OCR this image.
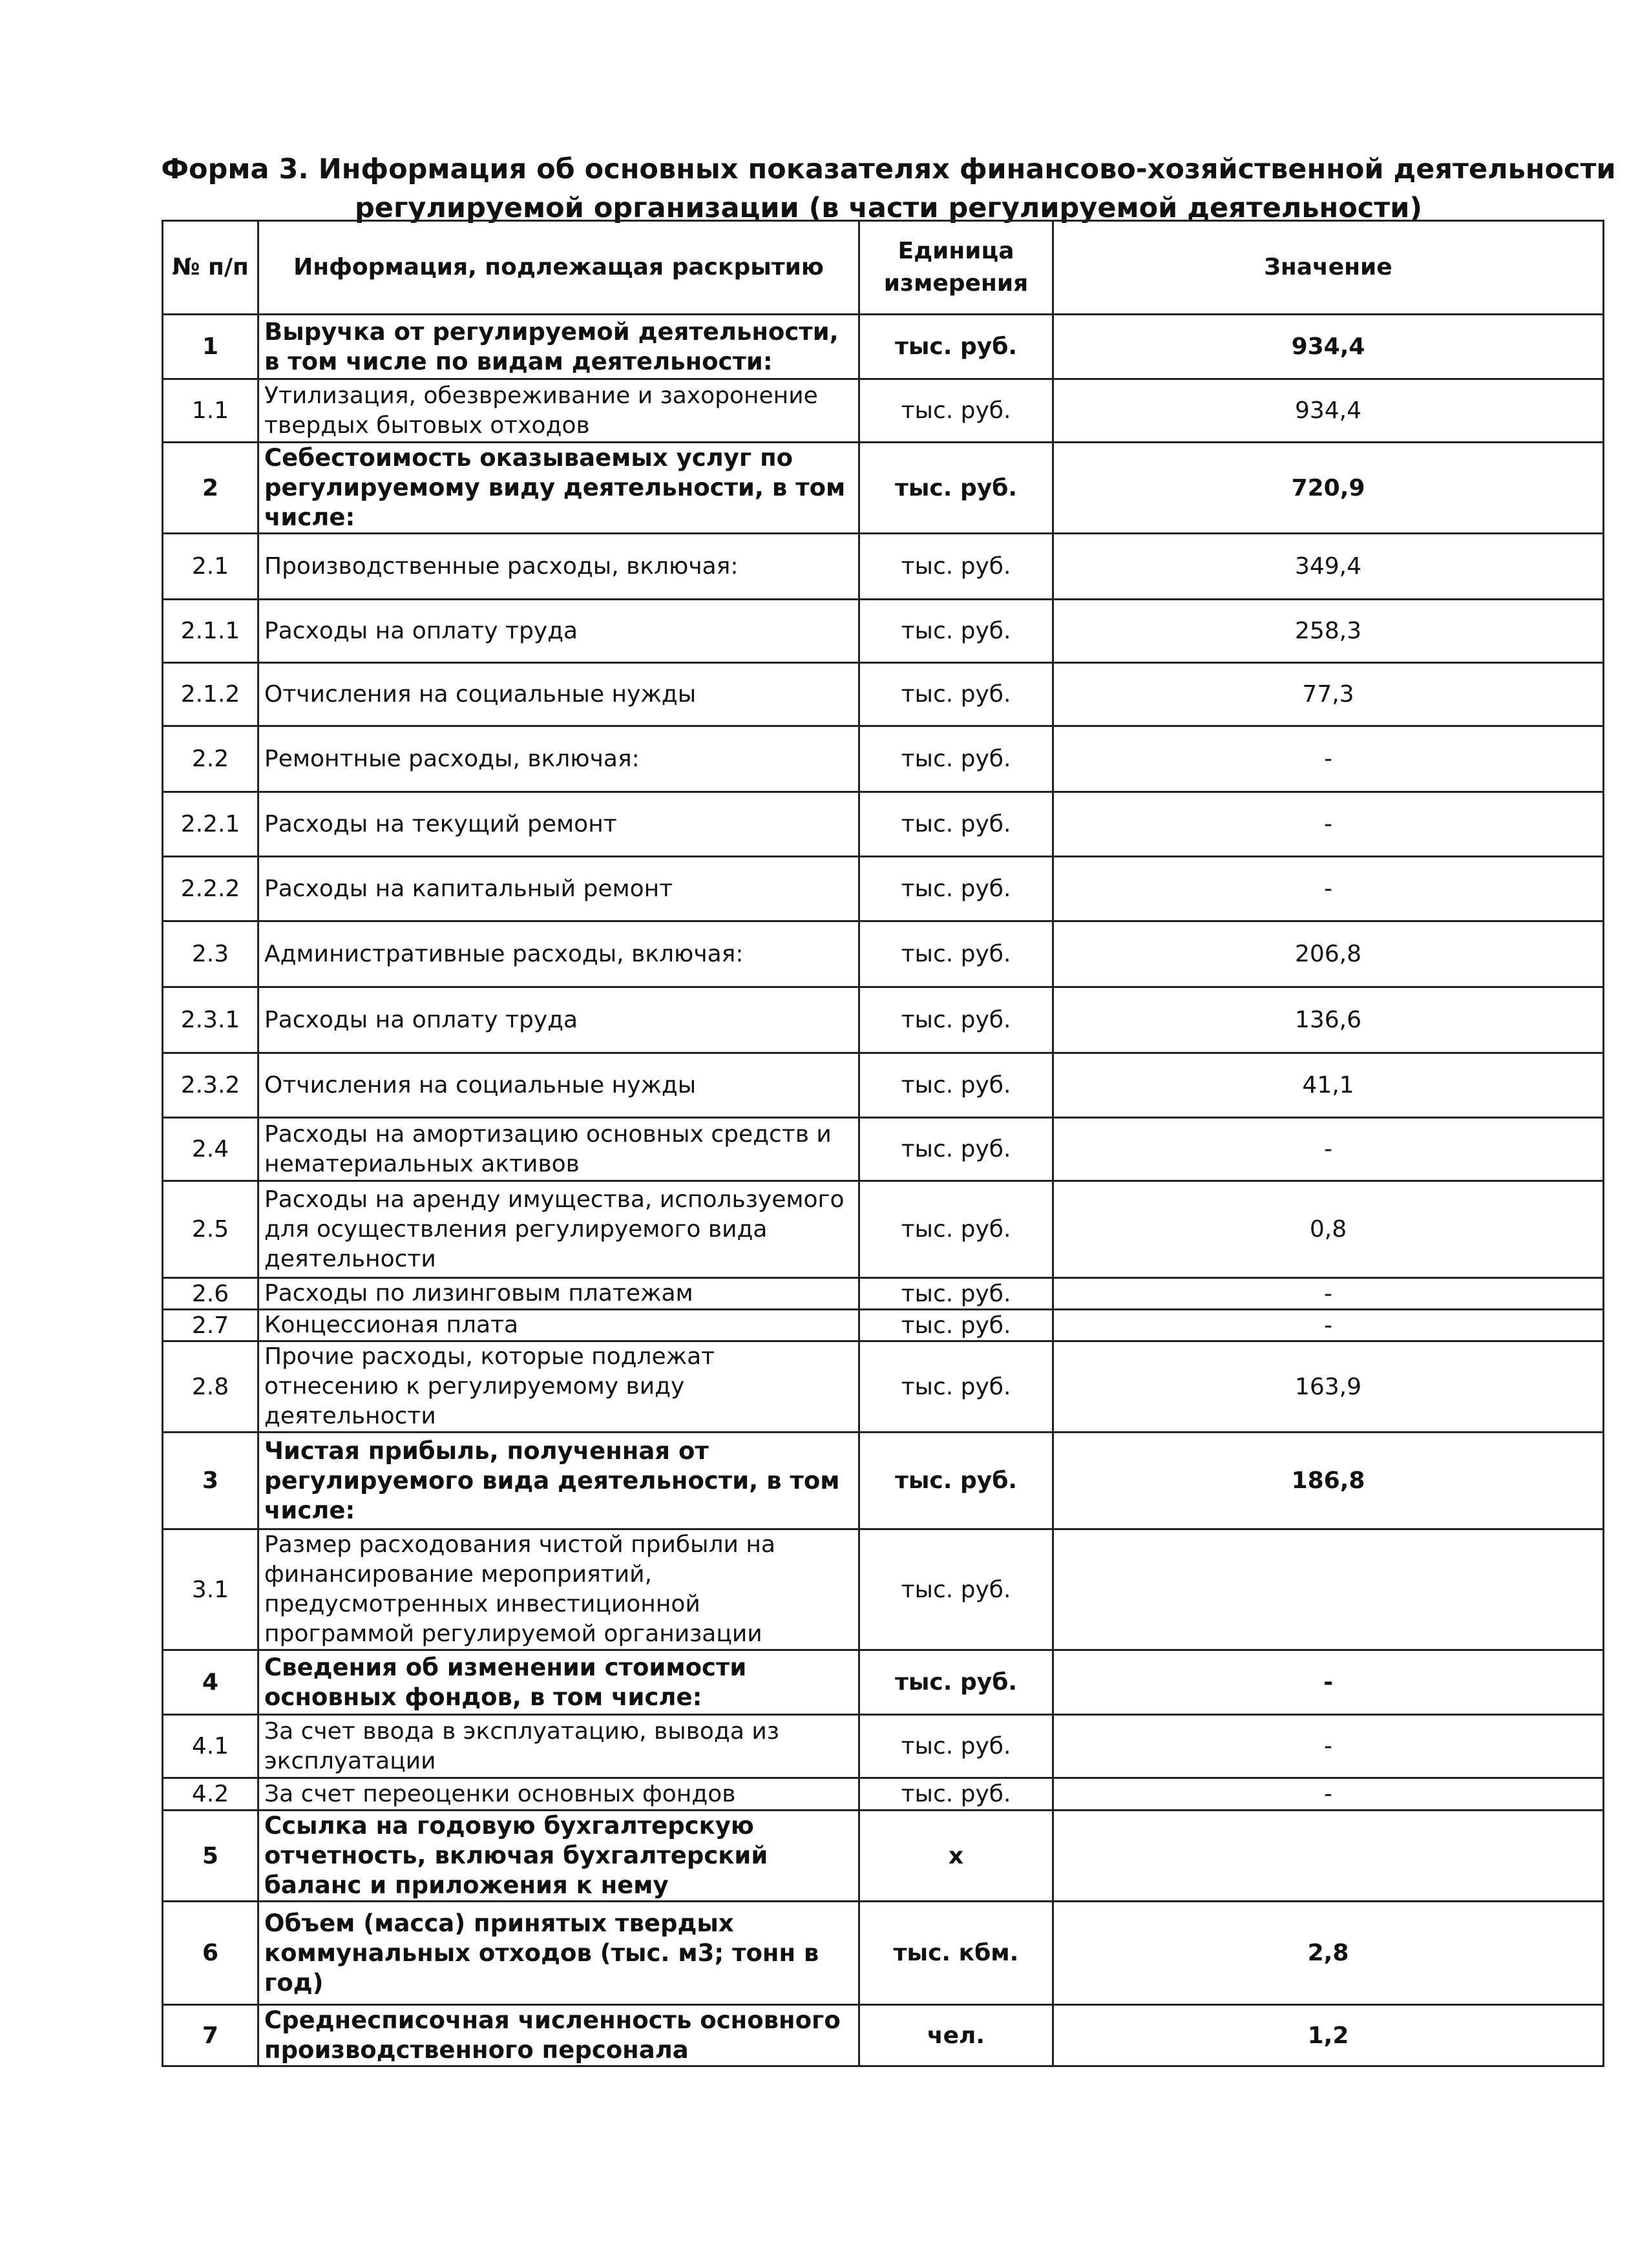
Форма 3. Информация об основных показателях финансово-хозяйственной деятельности
регулируемой организации (в части регулируемой деятельности)
№ п/п	Информация, подлежащая раскрытию	Единица измерения	Значение
1	Выручка от регулируемой деятельности, в том числе по видам деятельности:	тыс. руб.	934,4
1.1	Утилизация, обезвреживание и захоронение твердых бытовых отходов	тыс. руб.	934,4
2	Себестоимость оказываемых услуг по регулируемому виду деятельности, в том числе:	тыс. руб.	720,9
2.1	Производственные расходы, включая:	тыс. руб.	349,4
2.1.1	Расходы на оплату труда	тыс. руб.	258,3
2.1.2	Отчисления на социальные нужды	тыс. руб.	77,3
2.2	Ремонтные расходы, включая:	тыс. руб.	-
2.2.1	Расходы на текущий ремонт	тыс. руб.	-
2.2.2	Расходы на капитальный ремонт	тыс. руб.	-
2.3	Административные расходы, включая:	тыс. руб.	206,8
2.3.1	Расходы на оплату труда	тыс. руб.	136,6
2.3.2	Отчисления на социальные нужды	тыс. руб.	41,1
2.4	Расходы на амортизацию основных средств и нематериальных активов	тыс. руб.	-
2.5	Расходы на аренду имущества, используемого для осуществления регулируемого вида деятельности	тыс. руб.	0,8
2.6	Расходы по лизинговым платежам	тыс. руб.	-
2.7	Концессионая плата	тыс. руб.	-
2.8	Прочие расходы, которые подлежат отнесению к регулируемому виду деятельности	тыс. руб.	163,9
3	Чистая прибыль, полученная от регулируемого вида деятельности, в том числе:	тыс. руб.	186,8
3.1	Размер расходования чистой прибыли на финансирование мероприятий, предусмотренных инвестиционной программой регулируемой организации	тыс. руб.	
4	Сведения об изменении стоимости основных фондов, в том числе:	тыс. руб.	-
4.1	За счет ввода в эксплуатацию, вывода из эксплуатации	тыс. руб.	-
4.2	За счет переоценки основных фондов	тыс. руб.	-
5	Ссылка на годовую бухгалтерскую отчетность, включая бухгалтерский баланс и приложения к нему	х	
6	Объем (масса) принятых твердых коммунальных отходов (тыс. м3; тонн в год)	тыс. кбм.	2,8
7	Среднесписочная численность основного производственного персонала	чел.	1,2
